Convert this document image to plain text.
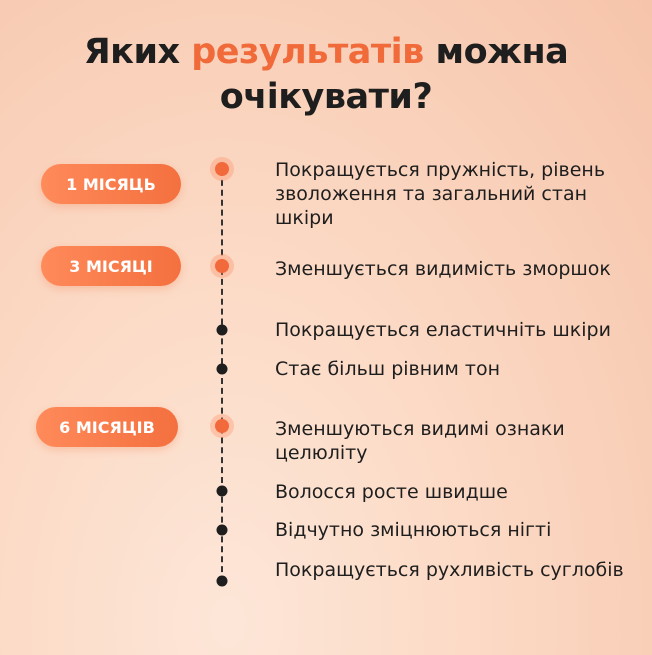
Яких результатів можна
очікувати?
1 МІСЯЦЬ
3 МІСЯЦІ
6 МІСЯЦІВ
Покращується пружність, рівень зволоження та загальний стан шкіри
Зменшується видимість зморшок
Покращується еластичніть шкіри
Стає більш рівним тон
Зменшуються видимі ознаки целюліту
Волосся росте швидше
Відчутно зміцнюються нігті
Покращується рухливість суглобів
